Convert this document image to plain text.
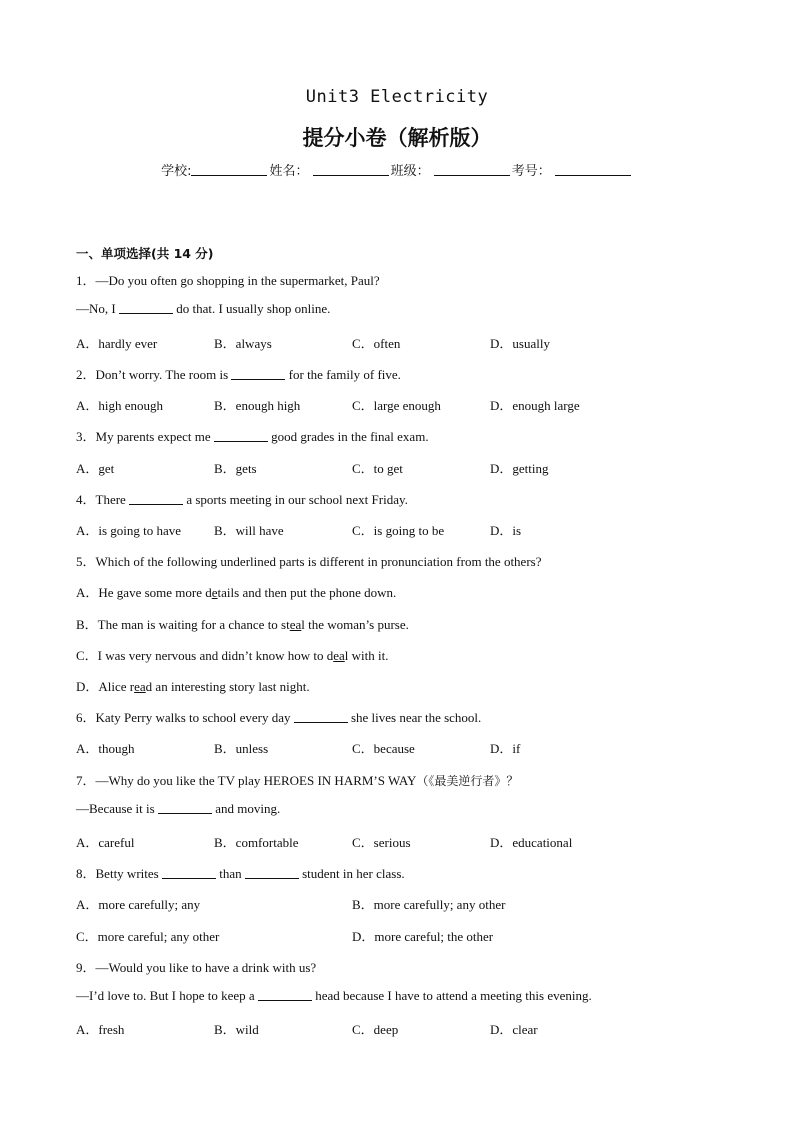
Unit3 Electricity
提分小卷（解析版）
学校:	姓名：	班级：	考号：
一、单项选择(共 14 分)
1．—Do you often go shopping in the supermarket, Paul?
—No, I	do that. I usually shop online.
A．hardly ever	B．always	C．often	D．usually
2．Don’t worry. The room is	for the family of five.
A．high enough	B．enough high	C．large enough	D．enough large
3．My parents expect me	good grades in the final exam.
A．get	B．gets	C．to get	D．getting
4．There	a sports meeting in our school next Friday.
A．is going to have	B．will have	C．is going to be	D．is
5．Which of the following underlined parts is different in pronunciation from the others?
A．He gave some more details and then put the phone down.
B．The man is waiting for a chance to steal the woman’s purse.
C．I was very nervous and didn’t know how to deal with it.
D．Alice read an interesting story last night.
6．Katy Perry walks to school every day	she lives near the school.
A．though	B．unless	C．because	D．if
7．—Why do you like the TV play HEROES IN HARM’S WAY（《最美逆行者》？
—Because it is	and moving.
A．careful	B．comfortable	C．serious	D．educational
8．Betty writes	than	student in her class.
A．more carefully; any	B．more carefully; any other
C．more careful; any other	D．more careful; the other
9．—Would you like to have a drink with us?
—I’d love to. But I hope to keep a	head because I have to attend a meeting this evening.
A．fresh	B．wild	C．deep	D．clear
